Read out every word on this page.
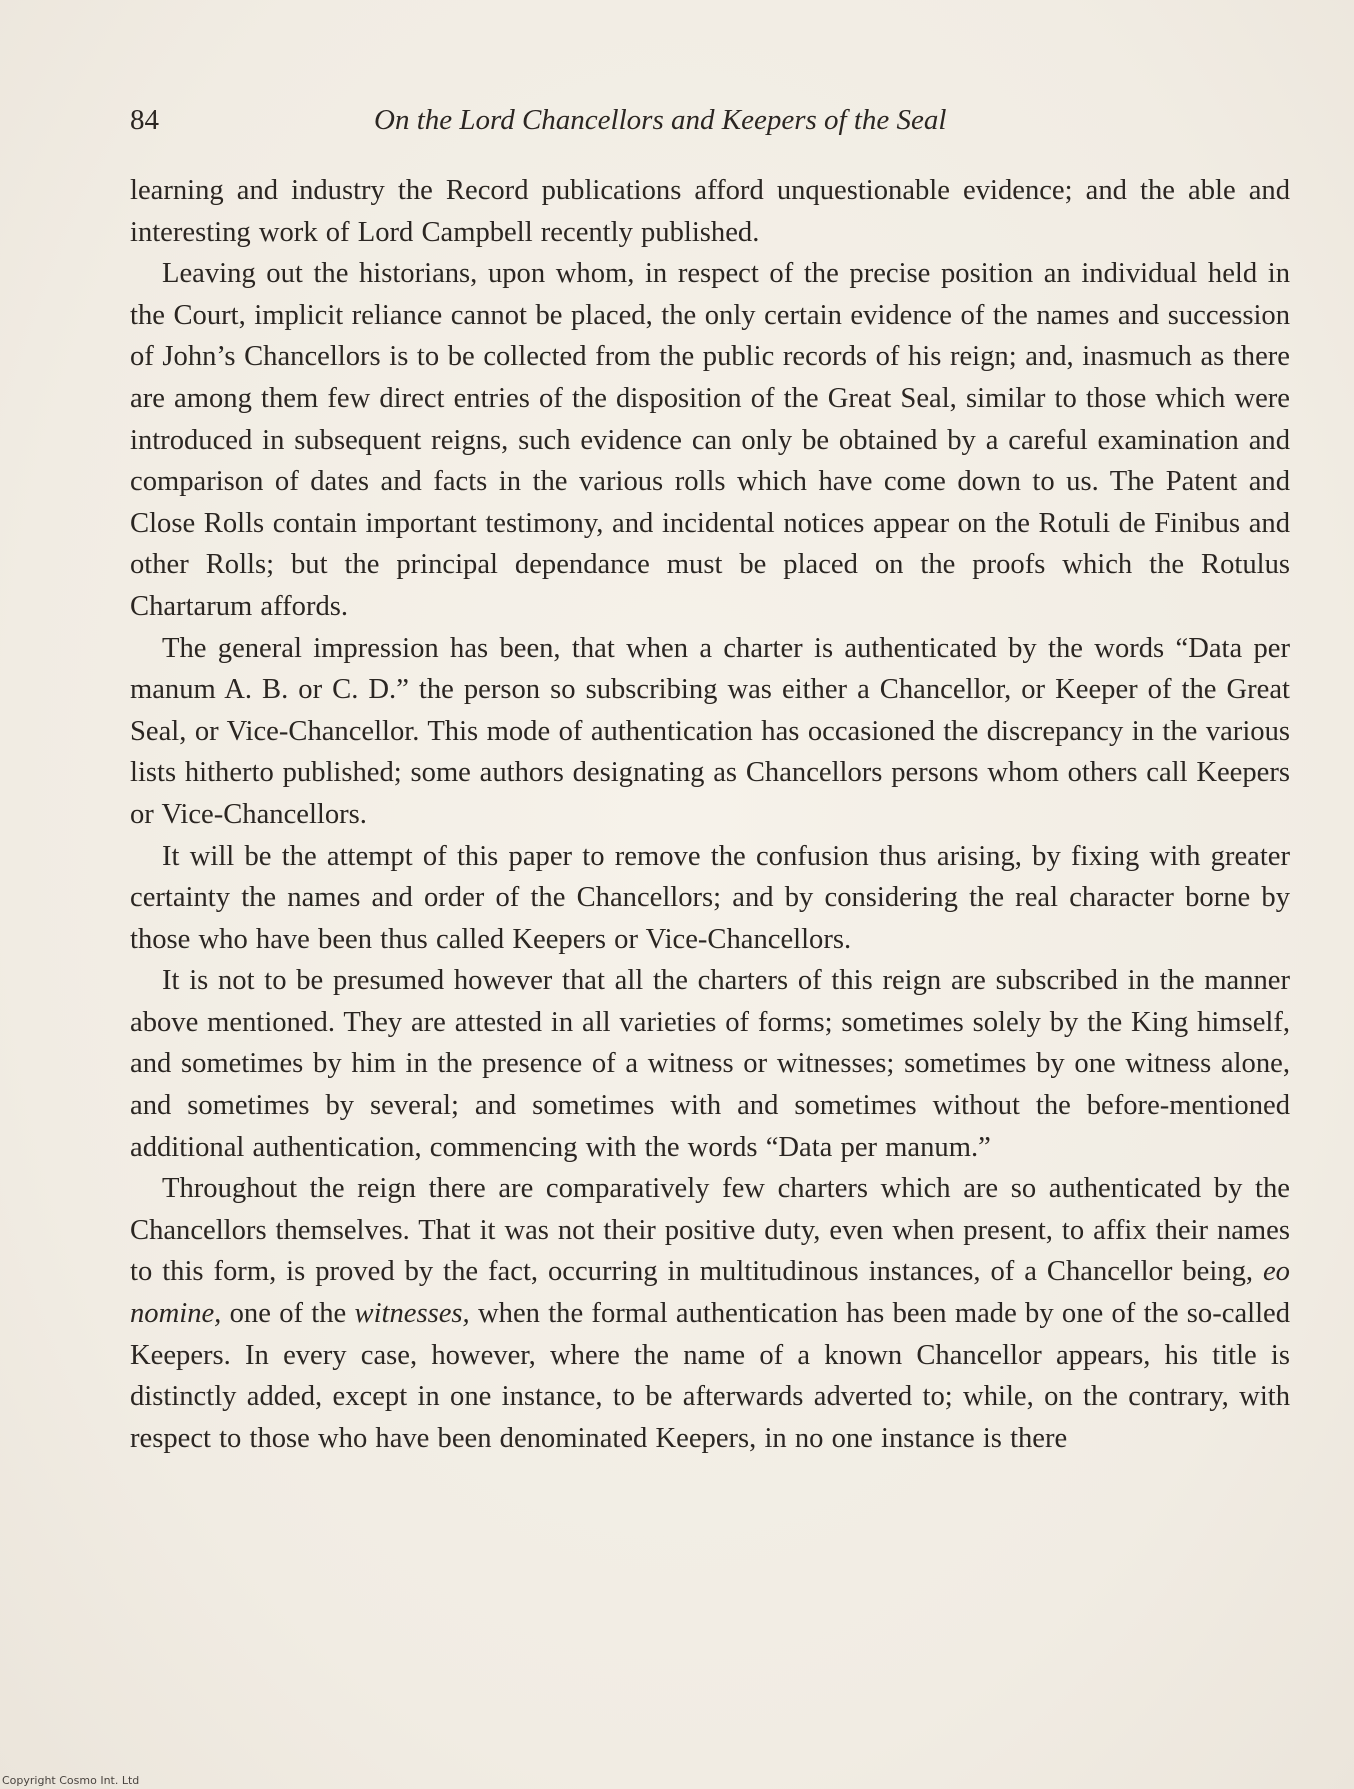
84	On the Lord Chancellors and Keepers of the Seal

learning and industry the Record publications afford unquestionable evidence; and the able and interesting work of Lord Campbell recently published.

Leaving out the historians, upon whom, in respect of the precise position an individual held in the Court, implicit reliance cannot be placed, the only certain evidence of the names and succession of John’s Chancellors is to be collected from the public records of his reign; and, inasmuch as there are among them few direct entries of the disposition of the Great Seal, similar to those which were introduced in subsequent reigns, such evidence can only be obtained by a careful examination and comparison of dates and facts in the various rolls which have come down to us. The Patent and Close Rolls contain important testimony, and incidental notices appear on the Rotuli de Finibus and other Rolls; but the principal dependance must be placed on the proofs which the Rotulus Chartarum affords.

The general impression has been, that when a charter is authenticated by the words “Data per manum A. B. or C. D.” the person so subscribing was either a Chancellor, or Keeper of the Great Seal, or Vice-Chancellor. This mode of authentication has occasioned the discrepancy in the various lists hitherto published; some authors designating as Chancellors persons whom others call Keepers or Vice-Chancellors.

It will be the attempt of this paper to remove the confusion thus arising, by fixing with greater certainty the names and order of the Chancellors; and by considering the real character borne by those who have been thus called Keepers or Vice-Chancellors.

It is not to be presumed however that all the charters of this reign are subscribed in the manner above mentioned. They are attested in all varieties of forms; sometimes solely by the King himself, and sometimes by him in the presence of a witness or witnesses; sometimes by one witness alone, and sometimes by several; and sometimes with and sometimes without the before-mentioned additional authentication, commencing with the words “Data per manum.”

Throughout the reign there are comparatively few charters which are so authenticated by the Chancellors themselves. That it was not their positive duty, even when present, to affix their names to this form, is proved by the fact, occurring in multitudinous instances, of a Chancellor being, eo nomine, one of the witnesses, when the formal authentication has been made by one of the so-called Keepers. In every case, however, where the name of a known Chancellor appears, his title is distinctly added, except in one instance, to be afterwards adverted to; while, on the contrary, with respect to those who have been denominated Keepers, in no one instance is there

Copyright Cosmo Int. Ltd
